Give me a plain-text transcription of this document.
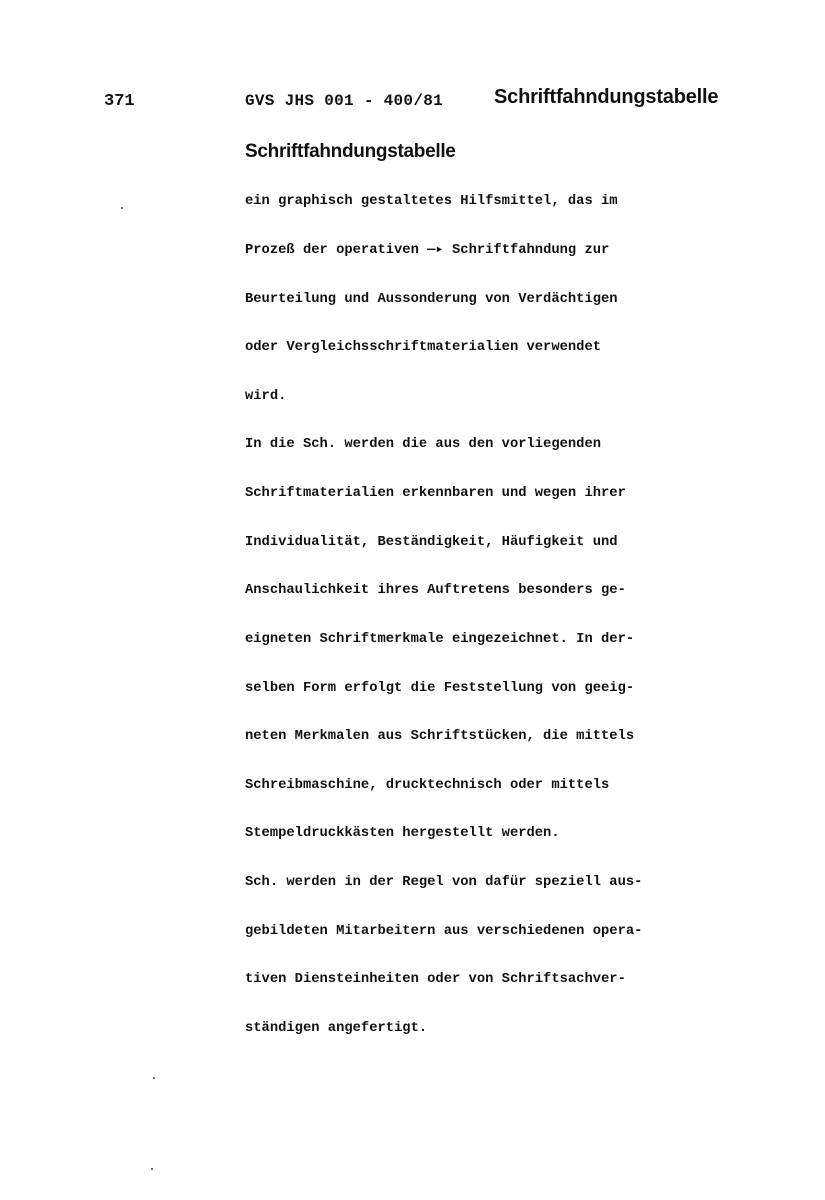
371	GVS JHS 001 - 400/81	Schriftfahndungstabelle
Schriftfahndungstabelle

ein graphisch gestaltetes Hilfsmittel, das im

Prozeß der operativen —▸ Schriftfahndung zur

Beurteilung und Aussonderung von Verdächtigen

oder Vergleichsschriftmaterialien verwendet

wird.

In die Sch. werden die aus den vorliegenden

Schriftmaterialien erkennbaren und wegen ihrer

Individualität, Beständigkeit, Häufigkeit und

Anschaulichkeit ihres Auftretens besonders ge-

eigneten Schriftmerkmale eingezeichnet. In der-

selben Form erfolgt die Feststellung von geeig-

neten Merkmalen aus Schriftstücken, die mittels

Schreibmaschine, drucktechnisch oder mittels

Stempeldruckkästen hergestellt werden.

Sch. werden in der Regel von dafür speziell aus-

gebildeten Mitarbeitern aus verschiedenen opera-

tiven Diensteinheiten oder von Schriftsachver-

ständigen angefertigt.
